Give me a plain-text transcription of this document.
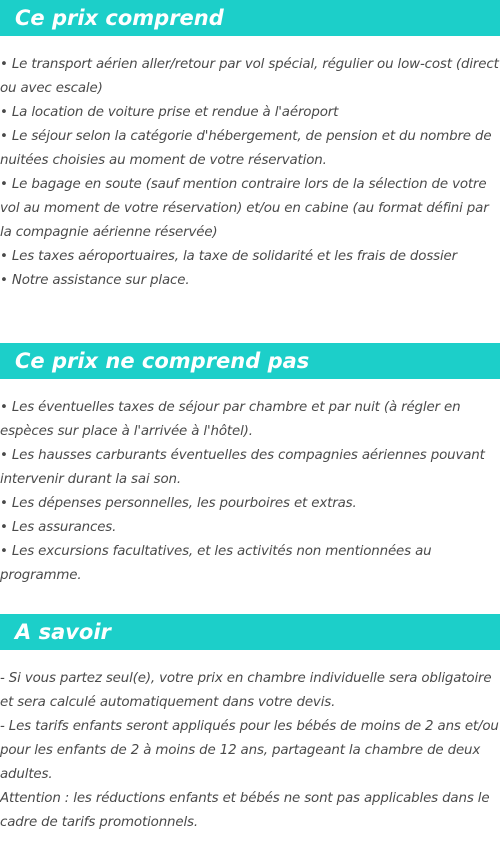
Ce prix comprend
• Le transport aérien aller/retour par vol spécial, régulier ou low-cost (direct ou avec escale)
• La location de voiture prise et rendue à l'aéroport
• Le séjour selon la catégorie d'hébergement, de pension et du nombre de nuitées choisies au moment de votre réservation.
• Le bagage en soute (sauf mention contraire lors de la sélection de votre vol au moment de votre réservation) et/ou en cabine (au format défini par la compagnie aérienne réservée)
• Les taxes aéroportuaires, la taxe de solidarité et les frais de dossier
• Notre assistance sur place.
Ce prix ne comprend pas
• Les éventuelles taxes de séjour par chambre et par nuit (à régler en espèces sur place à l'arrivée à l'hôtel).
• Les hausses carburants éventuelles des compagnies aériennes pouvant intervenir durant la sai son.
• Les dépenses personnelles, les pourboires et extras.
• Les assurances.
• Les excursions facultatives, et les activités non mentionnées au programme.
A savoir
- Si vous partez seul(e), votre prix en chambre individuelle sera obligatoire et sera calculé automatiquement dans votre devis.
- Les tarifs enfants seront appliqués pour les bébés de moins de 2 ans et/ou pour les enfants de 2 à moins de 12 ans, partageant la chambre de deux adultes.
Attention : les réductions enfants et bébés ne sont pas applicables dans le cadre de tarifs promotionnels.
